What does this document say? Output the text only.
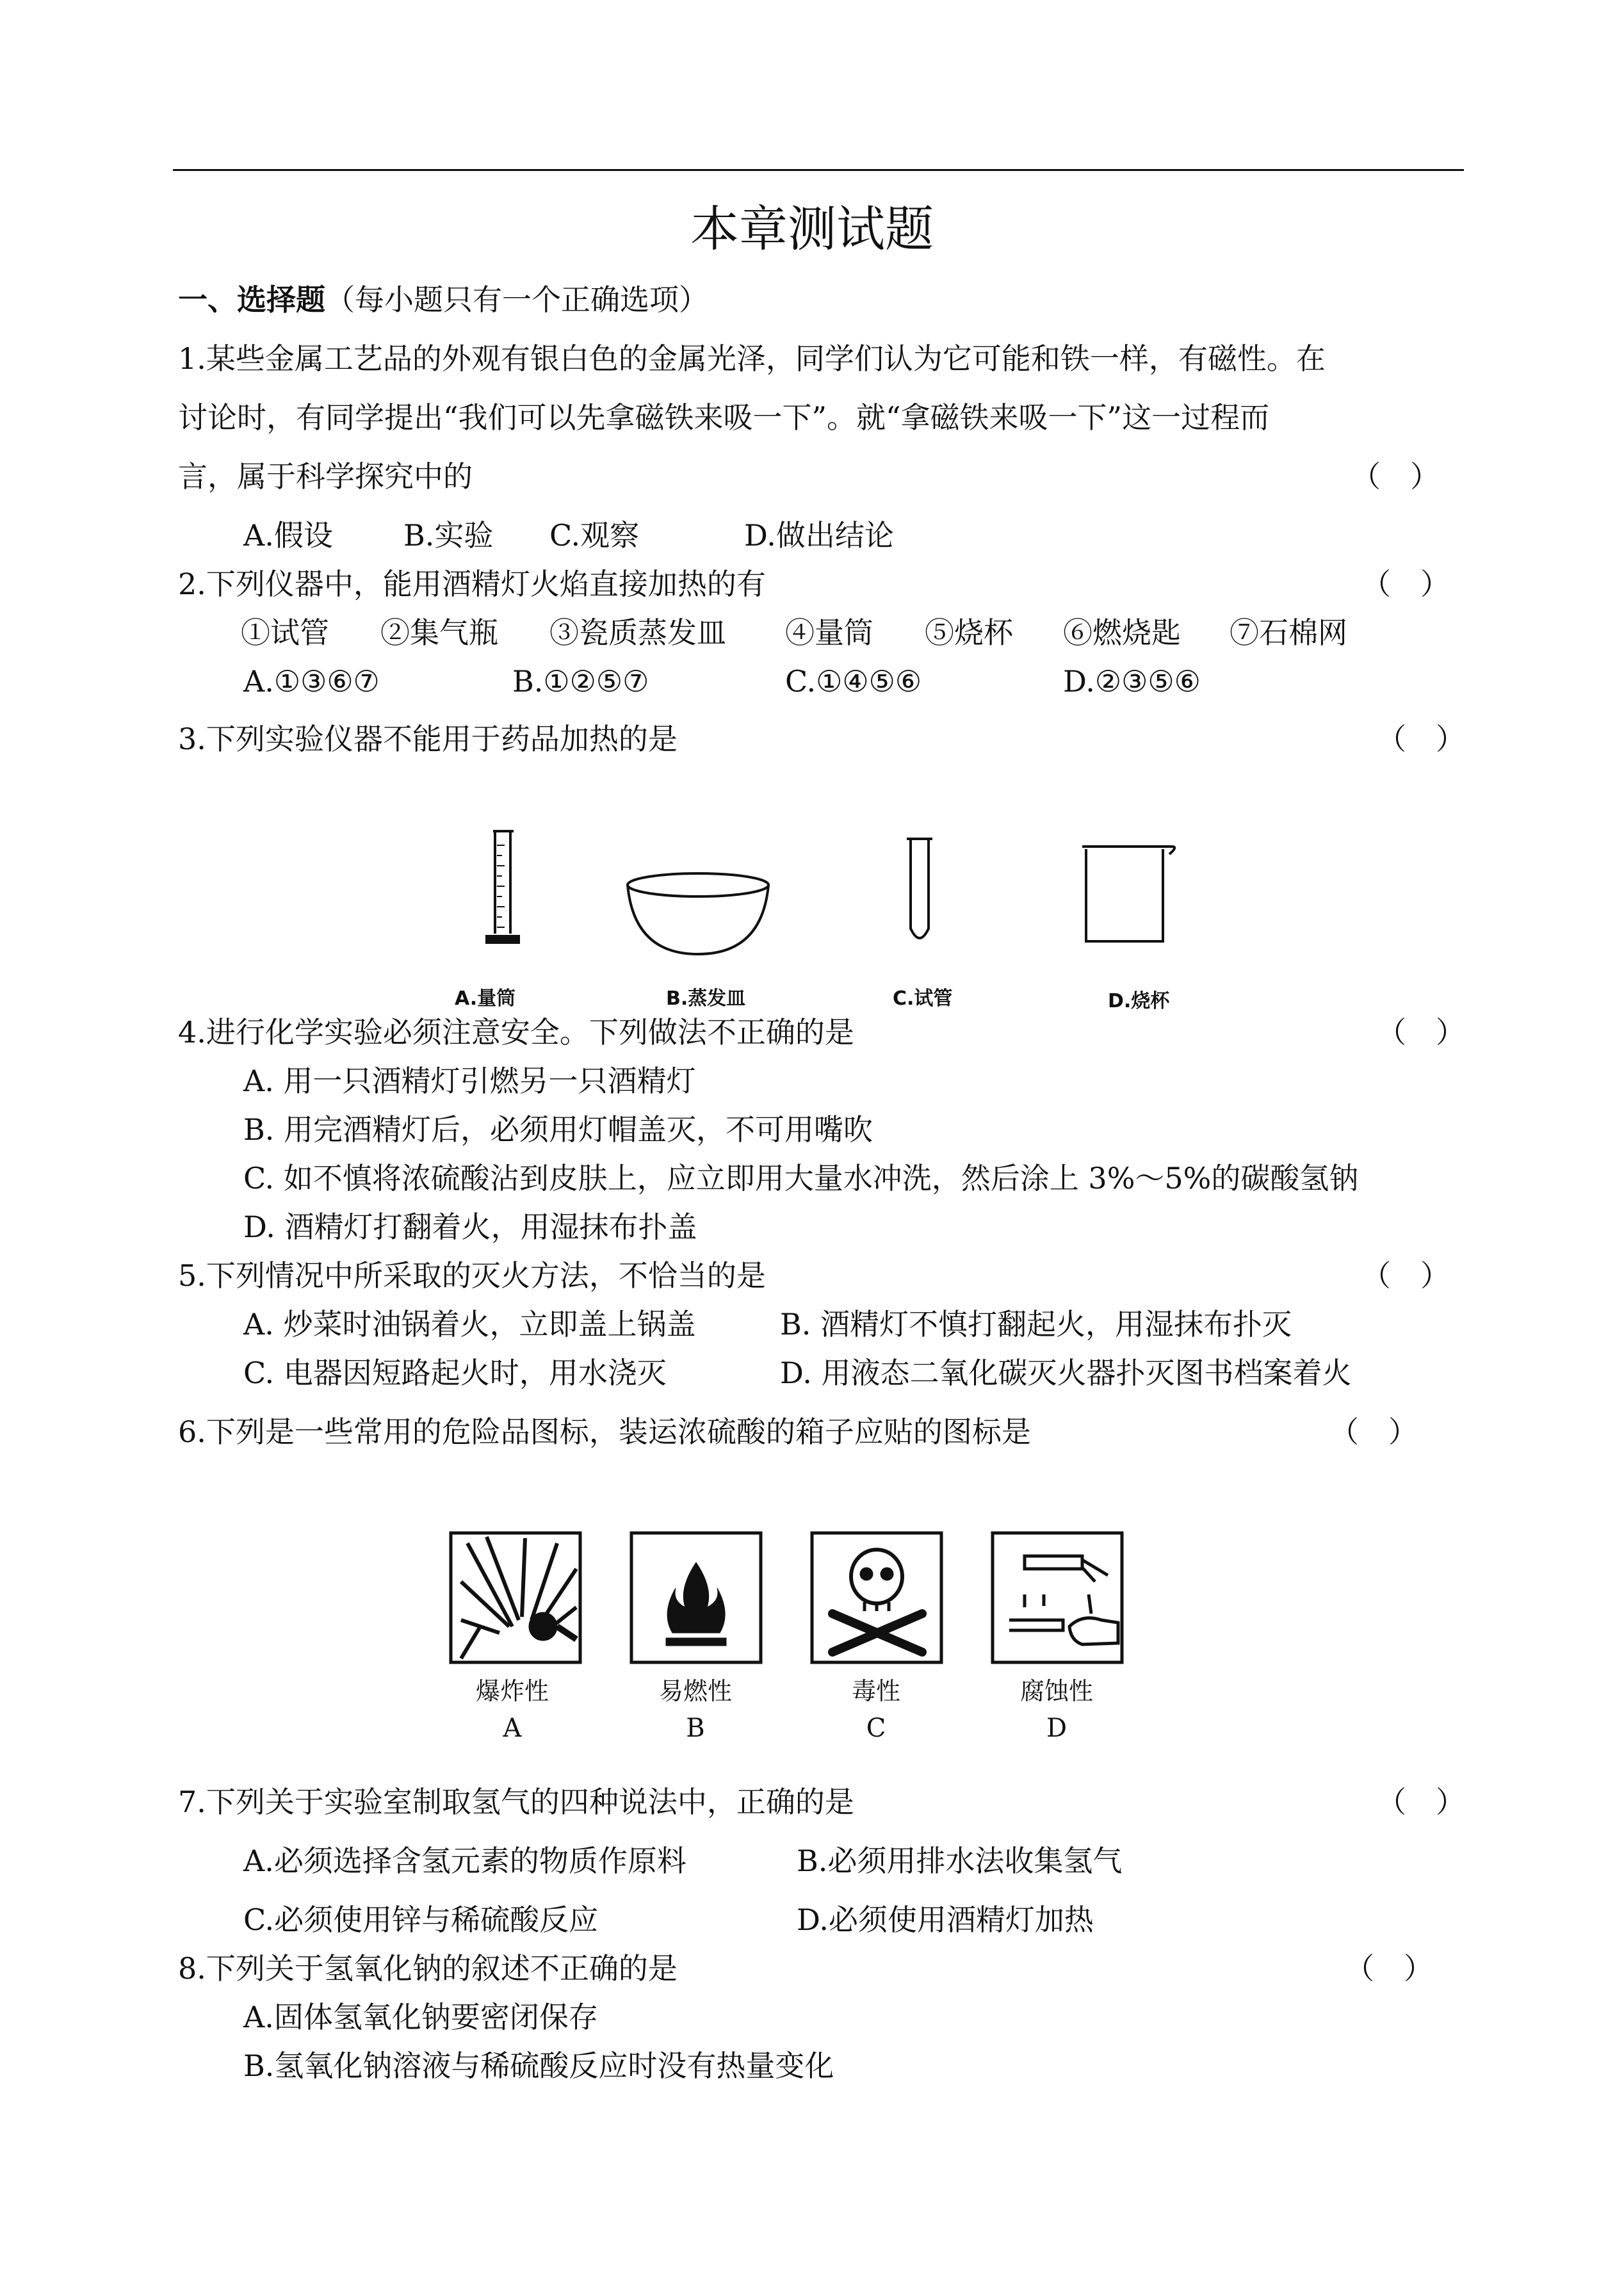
本章测试题
一、选择题（每小题只有一个正确选项）
1.某些金属工艺品的外观有银白色的金属光泽，同学们认为它可能和铁一样，有磁性。在
讨论时，有同学提出“我们可以先拿磁铁来吸一下”。就“拿磁铁来吸一下”这一过程而
言，属于科学探究中的	（　）
A.假设 B.实验 C.观察	D.做出结论
2.下列仪器中，能用酒精灯火焰直接加热的有	（　）
①试管 ②集气瓶 ③瓷质蒸发皿 ④量筒 ⑤烧杯 ⑥燃烧匙 ⑦石棉网
A.①③⑥⑦	B.①②⑤⑦	C.①④⑤⑥	D.②③⑤⑥
3.下列实验仪器不能用于药品加热的是	（　）
A.量筒	B.蒸发皿	C.试管	D.烧杯
4.进行化学实验必须注意安全。下列做法不正确的是	（　）
A. 用一只酒精灯引燃另一只酒精灯
B. 用完酒精灯后，必须用灯帽盖灭，不可用嘴吹
C. 如不慎将浓硫酸沾到皮肤上，应立即用大量水冲洗，然后涂上 3%～5%的碳酸氢钠
D. 酒精灯打翻着火，用湿抹布扑盖
5.下列情况中所采取的灭火方法，不恰当的是	（　）
A. 炒菜时油锅着火，立即盖上锅盖	B. 酒精灯不慎打翻起火，用湿抹布扑灭
C. 电器因短路起火时，用水浇灭	D. 用液态二氧化碳灭火器扑灭图书档案着火
6.下列是一些常用的危险品图标，装运浓硫酸的箱子应贴的图标是	（　）
爆炸性	易燃性	毒性	腐蚀性
A	B	C	D
7.下列关于实验室制取氢气的四种说法中，正确的是	（　）
A.必须选择含氢元素的物质作原料	B.必须用排水法收集氢气
C.必须使用锌与稀硫酸反应	D.必须使用酒精灯加热
8.下列关于氢氧化钠的叙述不正确的是	（　）
A.固体氢氧化钠要密闭保存
B.氢氧化钠溶液与稀硫酸反应时没有热量变化
